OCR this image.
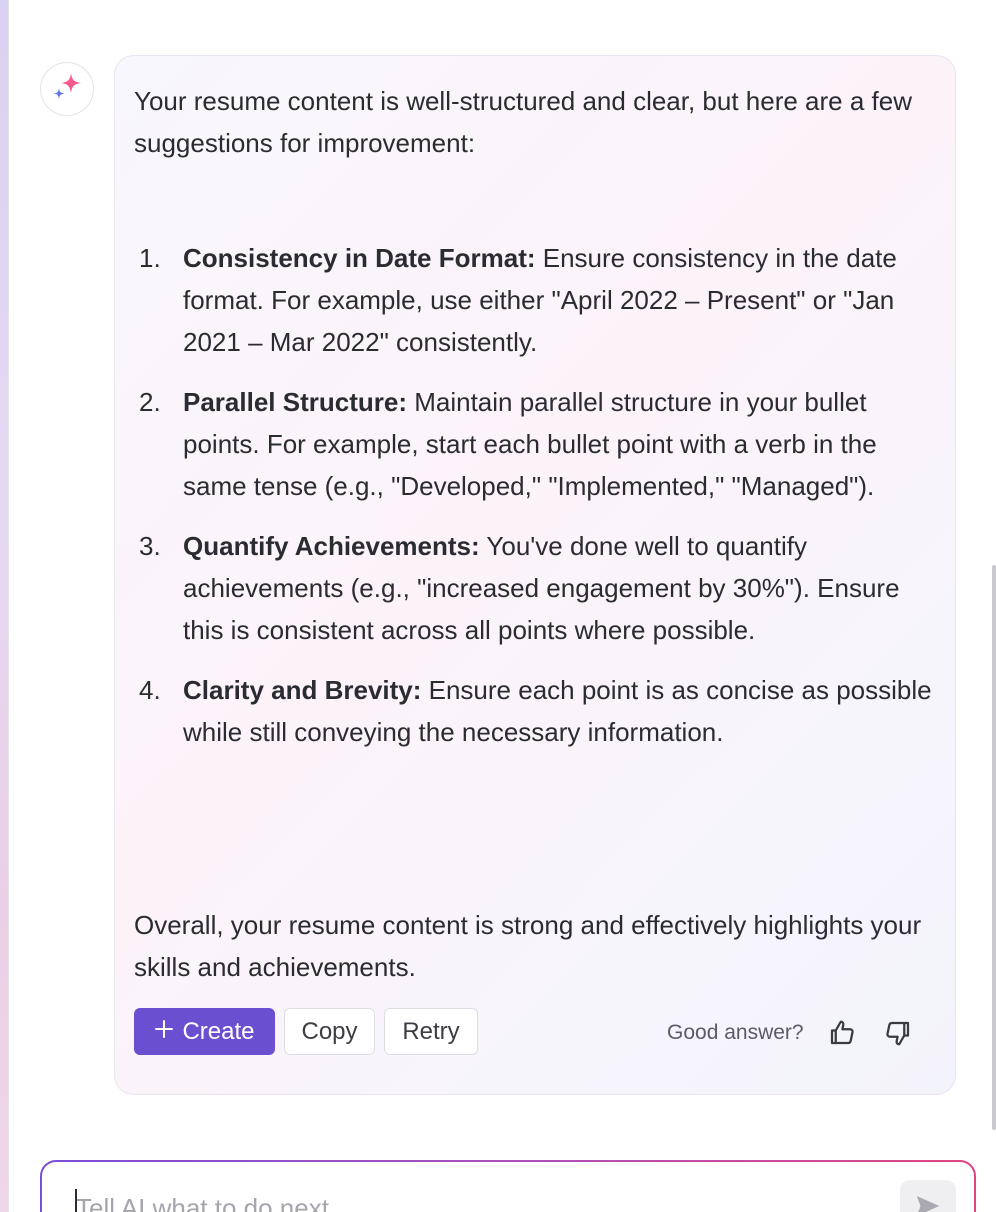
Your resume content is well-structured and clear, but here are a few suggestions for improvement:

1. Consistency in Date Format: Ensure consistency in the date format. For example, use either "April 2022 – Present" or "Jan 2021 – Mar 2022" consistently.
2. Parallel Structure: Maintain parallel structure in your bullet points. For example, start each bullet point with a verb in the same tense (e.g., "Developed," "Implemented," "Managed").
3. Quantify Achievements: You've done well to quantify achievements (e.g., "increased engagement by 30%"). Ensure this is consistent across all points where possible.
4. Clarity and Brevity: Ensure each point is as concise as possible while still conveying the necessary information.

Overall, your resume content is strong and effectively highlights your skills and achievements.

Create	Copy	Retry	Good answer?
Tell AI what to do next
